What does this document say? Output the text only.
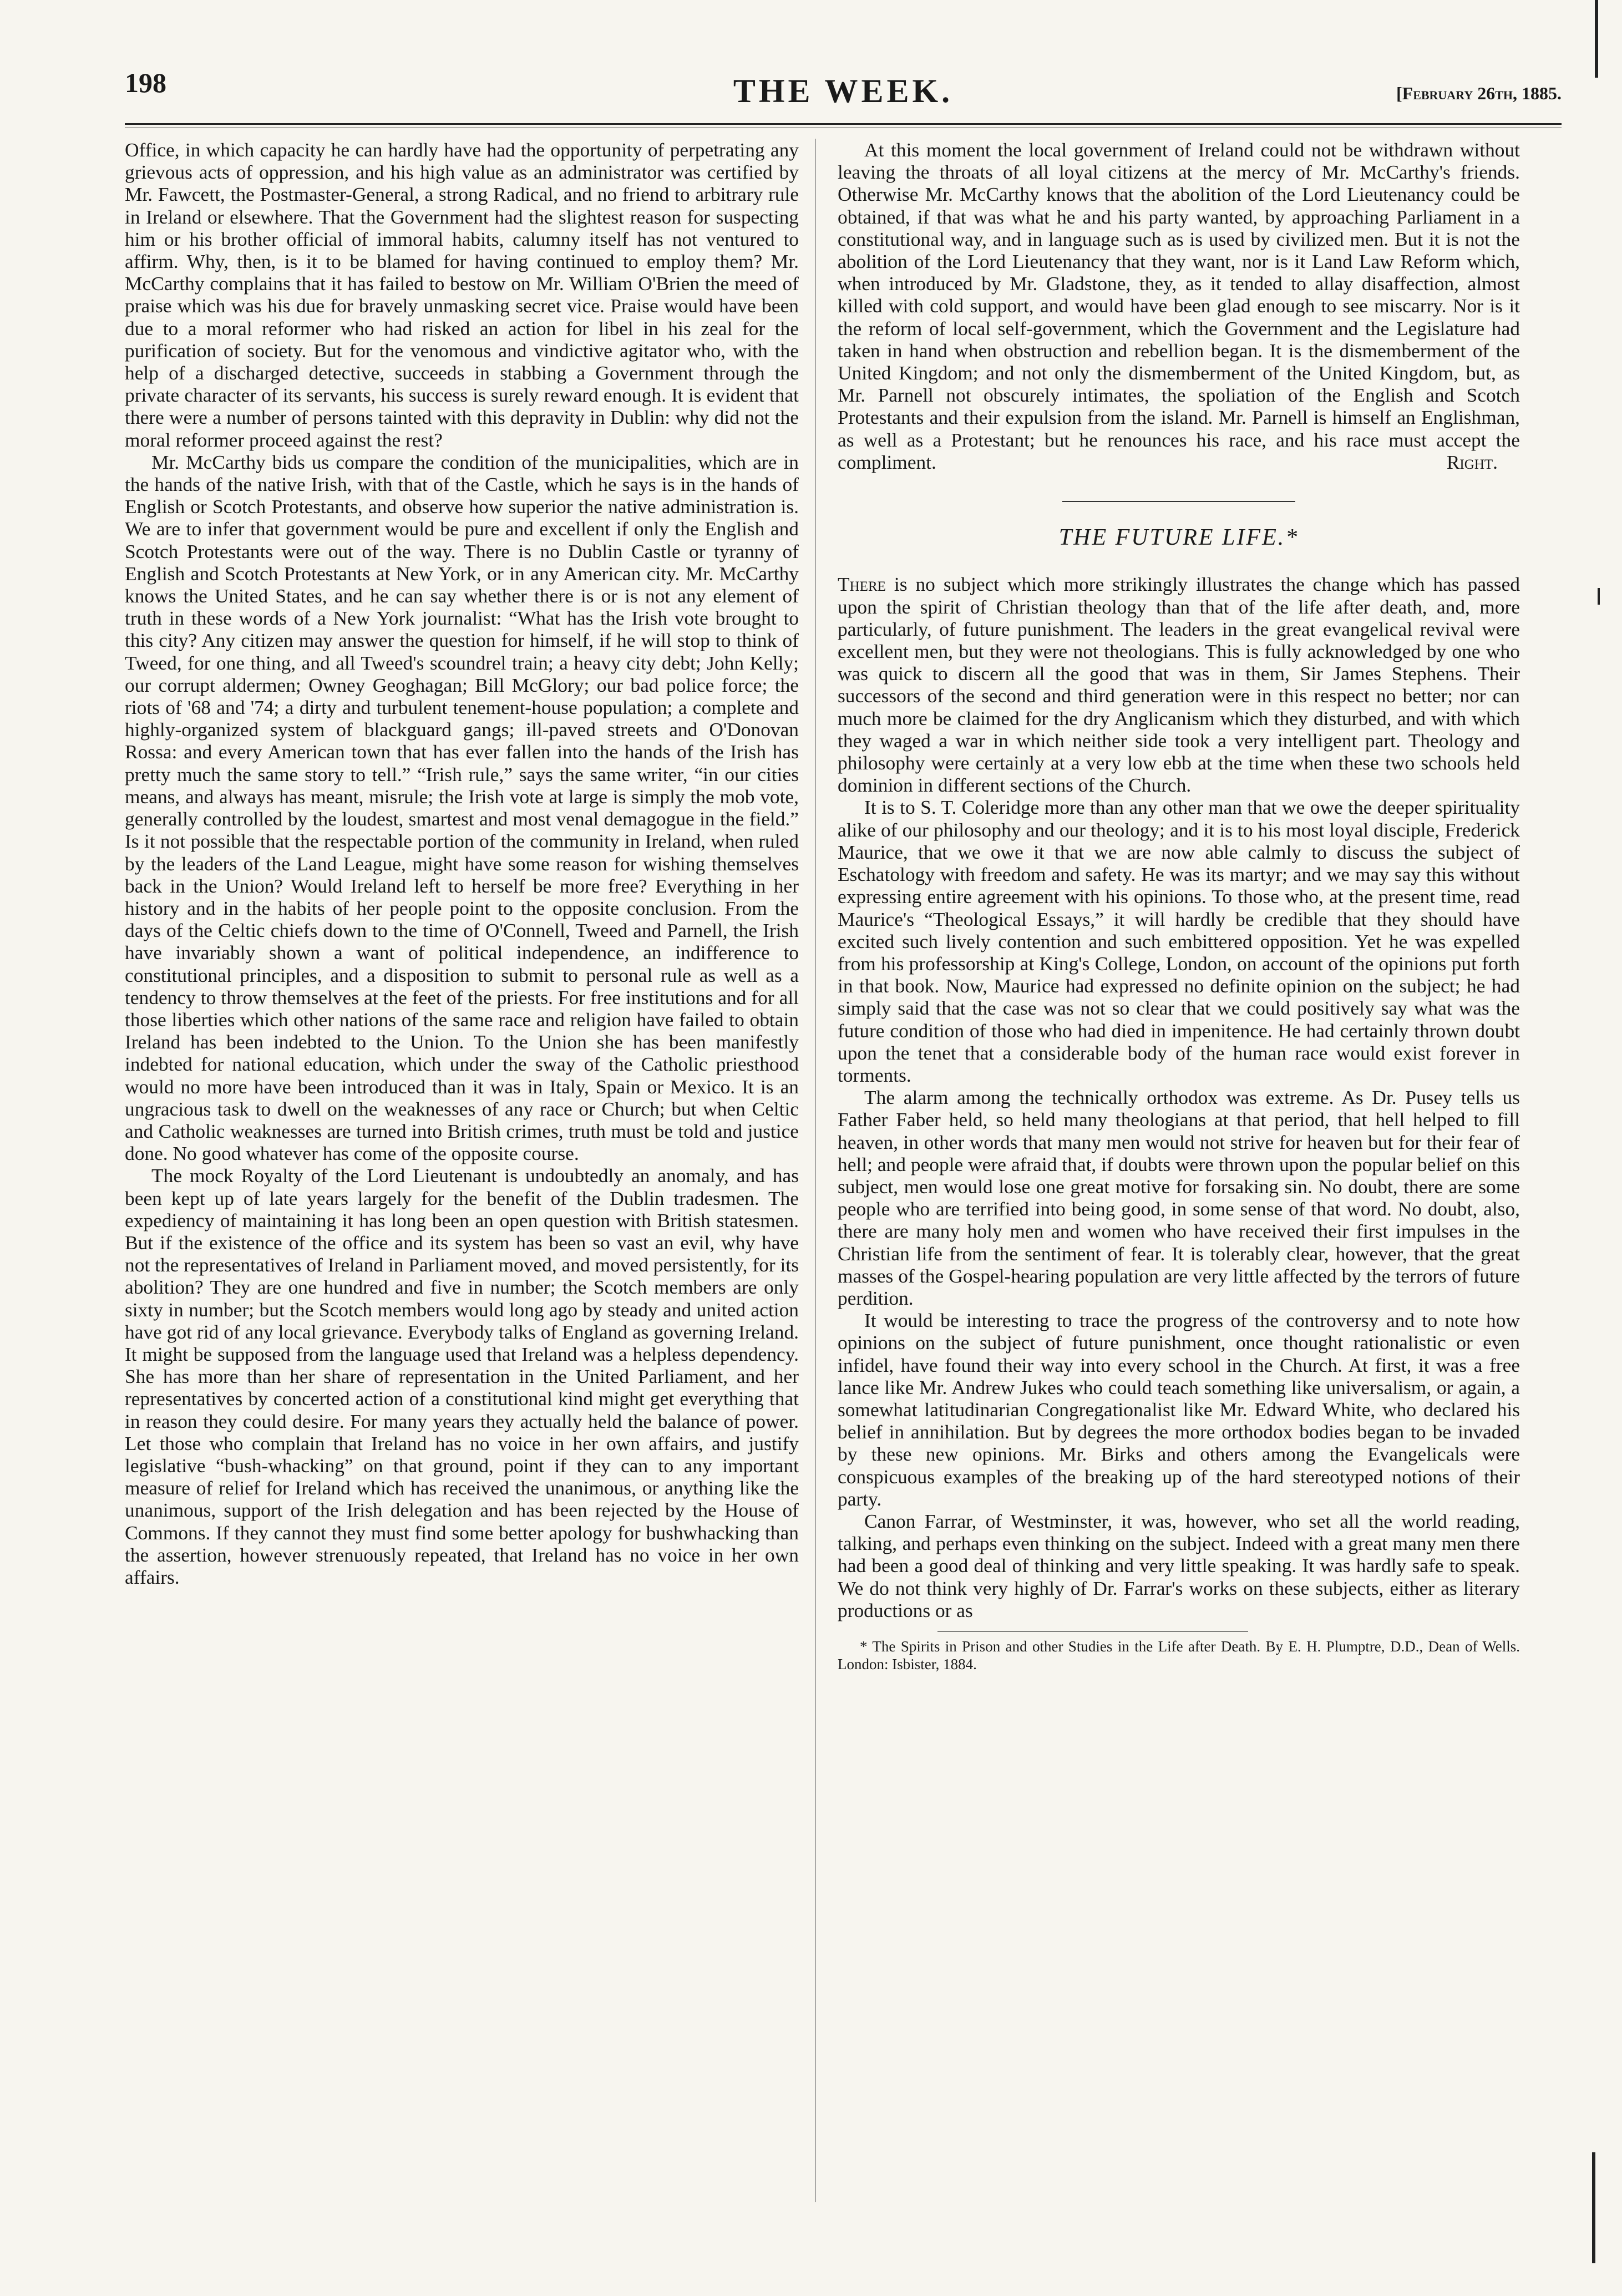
198	THE WEEK.	[February 26th, 1885.

Office, in which capacity he can hardly have had the opportunity of perpetrating any grievous acts of oppression, and his high value as an administrator was certified by Mr. Fawcett, the Postmaster-General, a strong Radical, and no friend to arbitrary rule in Ireland or elsewhere. That the Government had the slightest reason for suspecting him or his brother official of immoral habits, calumny itself has not ventured to affirm. Why, then, is it to be blamed for having continued to employ them? Mr. McCarthy complains that it has failed to bestow on Mr. William O'Brien the meed of praise which was his due for bravely unmasking secret vice. Praise would have been due to a moral reformer who had risked an action for libel in his zeal for the purification of society. But for the venomous and vindictive agitator who, with the help of a discharged detective, succeeds in stabbing a Government through the private character of its servants, his success is surely reward enough. It is evident that there were a number of persons tainted with this depravity in Dublin: why did not the moral reformer proceed against the rest?

Mr. McCarthy bids us compare the condition of the municipalities, which are in the hands of the native Irish, with that of the Castle, which he says is in the hands of English or Scotch Protestants, and observe how superior the native administration is. We are to infer that government would be pure and excellent if only the English and Scotch Protestants were out of the way. There is no Dublin Castle or tyranny of English and Scotch Protestants at New York, or in any American city. Mr. McCarthy knows the United States, and he can say whether there is or is not any element of truth in these words of a New York journalist: “What has the Irish vote brought to this city? Any citizen may answer the question for himself, if he will stop to think of Tweed, for one thing, and all Tweed's scoundrel train; a heavy city debt; John Kelly; our corrupt aldermen; Owney Geoghagan; Bill McGlory; our bad police force; the riots of '68 and '74; a dirty and turbulent tenement-house population; a complete and highly-organized system of blackguard gangs; ill-paved streets and O'Donovan Rossa: and every American town that has ever fallen into the hands of the Irish has pretty much the same story to tell.” “Irish rule,” says the same writer, “in our cities means, and always has meant, misrule; the Irish vote at large is simply the mob vote, generally controlled by the loudest, smartest and most venal demagogue in the field.” Is it not possible that the respectable portion of the community in Ireland, when ruled by the leaders of the Land League, might have some reason for wishing themselves back in the Union? Would Ireland left to herself be more free? Everything in her history and in the habits of her people point to the opposite conclusion. From the days of the Celtic chiefs down to the time of O'Connell, Tweed and Parnell, the Irish have invariably shown a want of political independence, an indifference to constitutional principles, and a disposition to submit to personal rule as well as a tendency to throw themselves at the feet of the priests. For free institutions and for all those liberties which other nations of the same race and religion have failed to obtain Ireland has been indebted to the Union. To the Union she has been manifestly indebted for national education, which under the sway of the Catholic priesthood would no more have been introduced than it was in Italy, Spain or Mexico. It is an ungracious task to dwell on the weaknesses of any race or Church; but when Celtic and Catholic weaknesses are turned into British crimes, truth must be told and justice done. No good whatever has come of the opposite course.

The mock Royalty of the Lord Lieutenant is undoubtedly an anomaly, and has been kept up of late years largely for the benefit of the Dublin tradesmen. The expediency of maintaining it has long been an open question with British statesmen. But if the existence of the office and its system has been so vast an evil, why have not the representatives of Ireland in Parliament moved, and moved persistently, for its abolition? They are one hundred and five in number; the Scotch members are only sixty in number; but the Scotch members would long ago by steady and united action have got rid of any local grievance. Everybody talks of England as governing Ireland. It might be supposed from the language used that Ireland was a helpless dependency. She has more than her share of representation in the United Parliament, and her representatives by concerted action of a constitutional kind might get everything that in reason they could desire. For many years they actually held the balance of power. Let those who complain that Ireland has no voice in her own affairs, and justify legislative “bush-whacking” on that ground, point if they can to any important measure of relief for Ireland which has received the unanimous, or anything like the unanimous, support of the Irish delegation and has been rejected by the House of Commons. If they cannot they must find some better apology for bushwhacking than the assertion, however strenuously repeated, that Ireland has no voice in her own affairs.

At this moment the local government of Ireland could not be withdrawn without leaving the throats of all loyal citizens at the mercy of Mr. McCarthy's friends. Otherwise Mr. McCarthy knows that the abolition of the Lord Lieutenancy could be obtained, if that was what he and his party wanted, by approaching Parliament in a constitutional way, and in language such as is used by civilized men. But it is not the abolition of the Lord Lieutenancy that they want, nor is it Land Law Reform which, when introduced by Mr. Gladstone, they, as it tended to allay disaffection, almost killed with cold support, and would have been glad enough to see miscarry. Nor is it the reform of local self-government, which the Government and the Legislature had taken in hand when obstruction and rebellion began. It is the dismemberment of the United Kingdom; and not only the dismemberment of the United Kingdom, but, as Mr. Parnell not obscurely intimates, the spoliation of the English and Scotch Protestants and their expulsion from the island. Mr. Parnell is himself an Englishman, as well as a Protestant; but he renounces his race, and his race must accept the compliment.	Right.

THE FUTURE LIFE.*

There is no subject which more strikingly illustrates the change which has passed upon the spirit of Christian theology than that of the life after death, and, more particularly, of future punishment. The leaders in the great evangelical revival were excellent men, but they were not theologians. This is fully acknowledged by one who was quick to discern all the good that was in them, Sir James Stephens. Their successors of the second and third generation were in this respect no better; nor can much more be claimed for the dry Anglicanism which they disturbed, and with which they waged a war in which neither side took a very intelligent part. Theology and philosophy were certainly at a very low ebb at the time when these two schools held dominion in different sections of the Church.

It is to S. T. Coleridge more than any other man that we owe the deeper spirituality alike of our philosophy and our theology; and it is to his most loyal disciple, Frederick Maurice, that we owe it that we are now able calmly to discuss the subject of Eschatology with freedom and safety. He was its martyr; and we may say this without expressing entire agreement with his opinions. To those who, at the present time, read Maurice's “Theological Essays,” it will hardly be credible that they should have excited such lively contention and such embittered opposition. Yet he was expelled from his professorship at King's College, London, on account of the opinions put forth in that book. Now, Maurice had expressed no definite opinion on the subject; he had simply said that the case was not so clear that we could positively say what was the future condition of those who had died in impenitence. He had certainly thrown doubt upon the tenet that a considerable body of the human race would exist forever in torments.

The alarm among the technically orthodox was extreme. As Dr. Pusey tells us Father Faber held, so held many theologians at that period, that hell helped to fill heaven, in other words that many men would not strive for heaven but for their fear of hell; and people were afraid that, if doubts were thrown upon the popular belief on this subject, men would lose one great motive for forsaking sin. No doubt, there are some people who are terrified into being good, in some sense of that word. No doubt, also, there are many holy men and women who have received their first impulses in the Christian life from the sentiment of fear. It is tolerably clear, however, that the great masses of the Gospel-hearing population are very little affected by the terrors of future perdition.

It would be interesting to trace the progress of the controversy and to note how opinions on the subject of future punishment, once thought rationalistic or even infidel, have found their way into every school in the Church. At first, it was a free lance like Mr. Andrew Jukes who could teach something like universalism, or again, a somewhat latitudinarian Congregationalist like Mr. Edward White, who declared his belief in annihilation. But by degrees the more orthodox bodies began to be invaded by these new opinions. Mr. Birks and others among the Evangelicals were conspicuous examples of the breaking up of the hard stereotyped notions of their party.

Canon Farrar, of Westminster, it was, however, who set all the world reading, talking, and perhaps even thinking on the subject. Indeed with a great many men there had been a good deal of thinking and very little speaking. It was hardly safe to speak. We do not think very highly of Dr. Farrar's works on these subjects, either as literary productions or as

* The Spirits in Prison and other Studies in the Life after Death. By E. H. Plumptre, D.D., Dean of Wells. London: Isbister, 1884.
